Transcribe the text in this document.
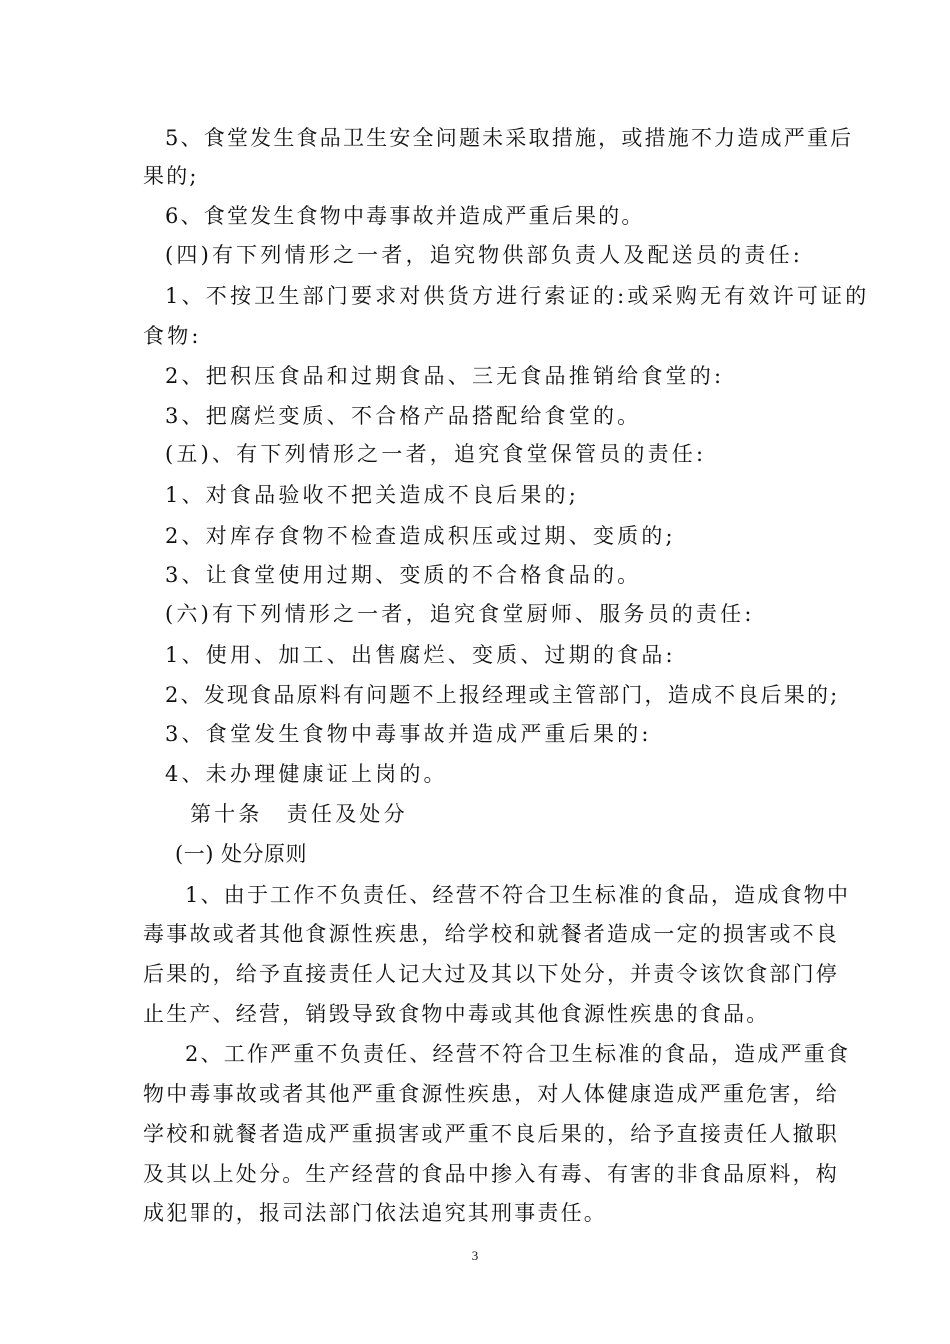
5、食堂发生食品卫生安全问题未采取措施，或措施不力造成严重后
果的;
6、食堂发生食物中毒事故并造成严重后果的。
(四)有下列情形之一者，追究物供部负责人及配送员的责任:
1、不按卫生部门要求对供货方进行索证的:或采购无有效许可证的
食物:
2、把积压食品和过期食品、三无食品推销给食堂的:
3、把腐烂变质、不合格产品搭配给食堂的。
(五)、有下列情形之一者，追究食堂保管员的责任:
1、对食品验收不把关造成不良后果的;
2、对库存食物不检查造成积压或过期、变质的;
3、让食堂使用过期、变质的不合格食品的。
(六)有下列情形之一者，追究食堂厨师、服务员的责任:
1、使用、加工、出售腐烂、变质、过期的食品:
2、发现食品原料有问题不上报经理或主管部门，造成不良后果的;
3、食堂发生食物中毒事故并造成严重后果的:
4、未办理健康证上岗的。
第十条　责任及处分
(一) 处分原则
1、由于工作不负责任、经营不符合卫生标准的食品，造成食物中
毒事故或者其他食源性疾患，给学校和就餐者造成一定的损害或不良
后果的，给予直接责任人记大过及其以下处分，并责令该饮食部门停
止生产、经营，销毁导致食物中毒或其他食源性疾患的食品。
2、工作严重不负责任、经营不符合卫生标准的食品，造成严重食
物中毒事故或者其他严重食源性疾患，对人体健康造成严重危害，给
学校和就餐者造成严重损害或严重不良后果的，给予直接责任人撤职
及其以上处分。生产经营的食品中掺入有毒、有害的非食品原料，构
成犯罪的，报司法部门依法追究其刑事责任。
3
